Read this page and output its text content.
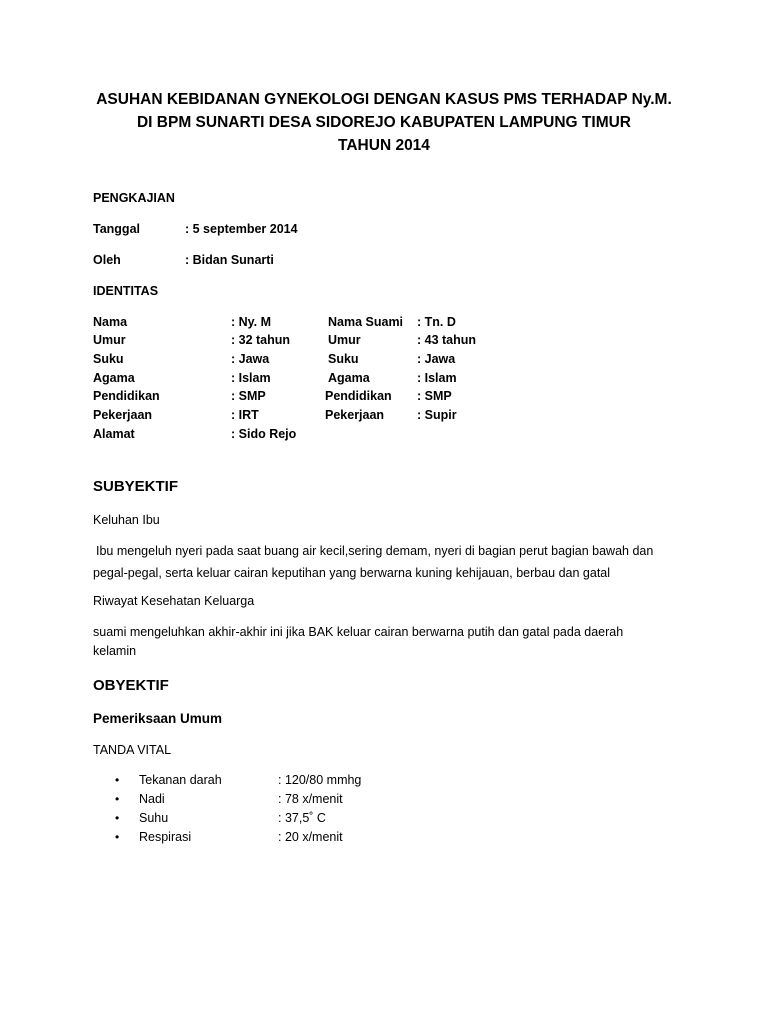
ASUHAN KEBIDANAN GYNEKOLOGI DENGAN KASUS PMS TERHADAP Ny.M.
DI BPM SUNARTI DESA SIDOREJO KABUPATEN LAMPUNG TIMUR
TAHUN 2014
PENGKAJIAN
Tanggal	: 5 september 2014
Oleh	: Bidan Sunarti
IDENTITAS
Nama	: Ny. M	Nama Suami : Tn. D
Umur	: 32 tahun	Umur	: 43 tahun
Suku	: Jawa	Suku	: Jawa
Agama	: Islam	Agama	: Islam
Pendidikan	: SMP	Pendidikan : SMP
Pekerjaan	: IRT	Pekerjaan	: Supir
Alamat	: Sido Rejo
SUBYEKTIF
Keluhan Ibu
Ibu mengeluh nyeri pada saat buang air kecil,sering demam, nyeri di bagian perut bagian bawah dan
pegal-pegal, serta keluar cairan keputihan yang berwarna kuning kehijauan, berbau dan gatal
Riwayat Kesehatan Keluarga
suami mengeluhkan akhir-akhir ini jika BAK keluar cairan berwarna putih dan gatal pada daerah
kelamin
OBYEKTIF
Pemeriksaan Umum
TANDA VITAL
• Tekanan darah	: 120/80 mmhg
• Nadi	: 78 x/menit
• Suhu	: 37,5˚ C
• Respirasi	: 20 x/menit
